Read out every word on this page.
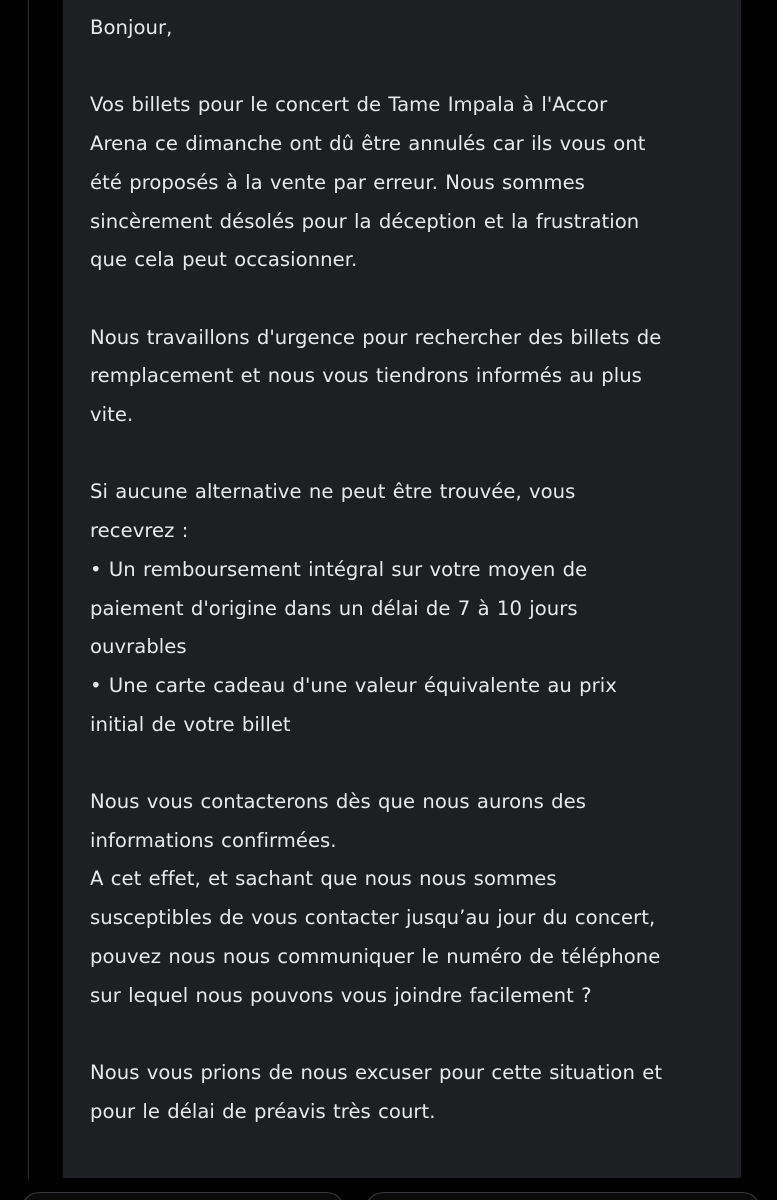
Bonjour,

Vos billets pour le concert de Tame Impala à l'Accor
Arena ce dimanche ont dû être annulés car ils vous ont
été proposés à la vente par erreur. Nous sommes
sincèrement désolés pour la déception et la frustration
que cela peut occasionner.

Nous travaillons d'urgence pour rechercher des billets de
remplacement et nous vous tiendrons informés au plus
vite.

Si aucune alternative ne peut être trouvée, vous
recevrez :
• Un remboursement intégral sur votre moyen de
paiement d'origine dans un délai de 7 à 10 jours
ouvrables
• Une carte cadeau d'une valeur équivalente au prix
initial de votre billet

Nous vous contacterons dès que nous aurons des
informations confirmées.
A cet effet, et sachant que nous nous sommes
susceptibles de vous contacter jusqu’au jour du concert,
pouvez nous nous communiquer le numéro de téléphone
sur lequel nous pouvons vous joindre facilement ?

Nous vous prions de nous excuser pour cette situation et
pour le délai de préavis très court.
